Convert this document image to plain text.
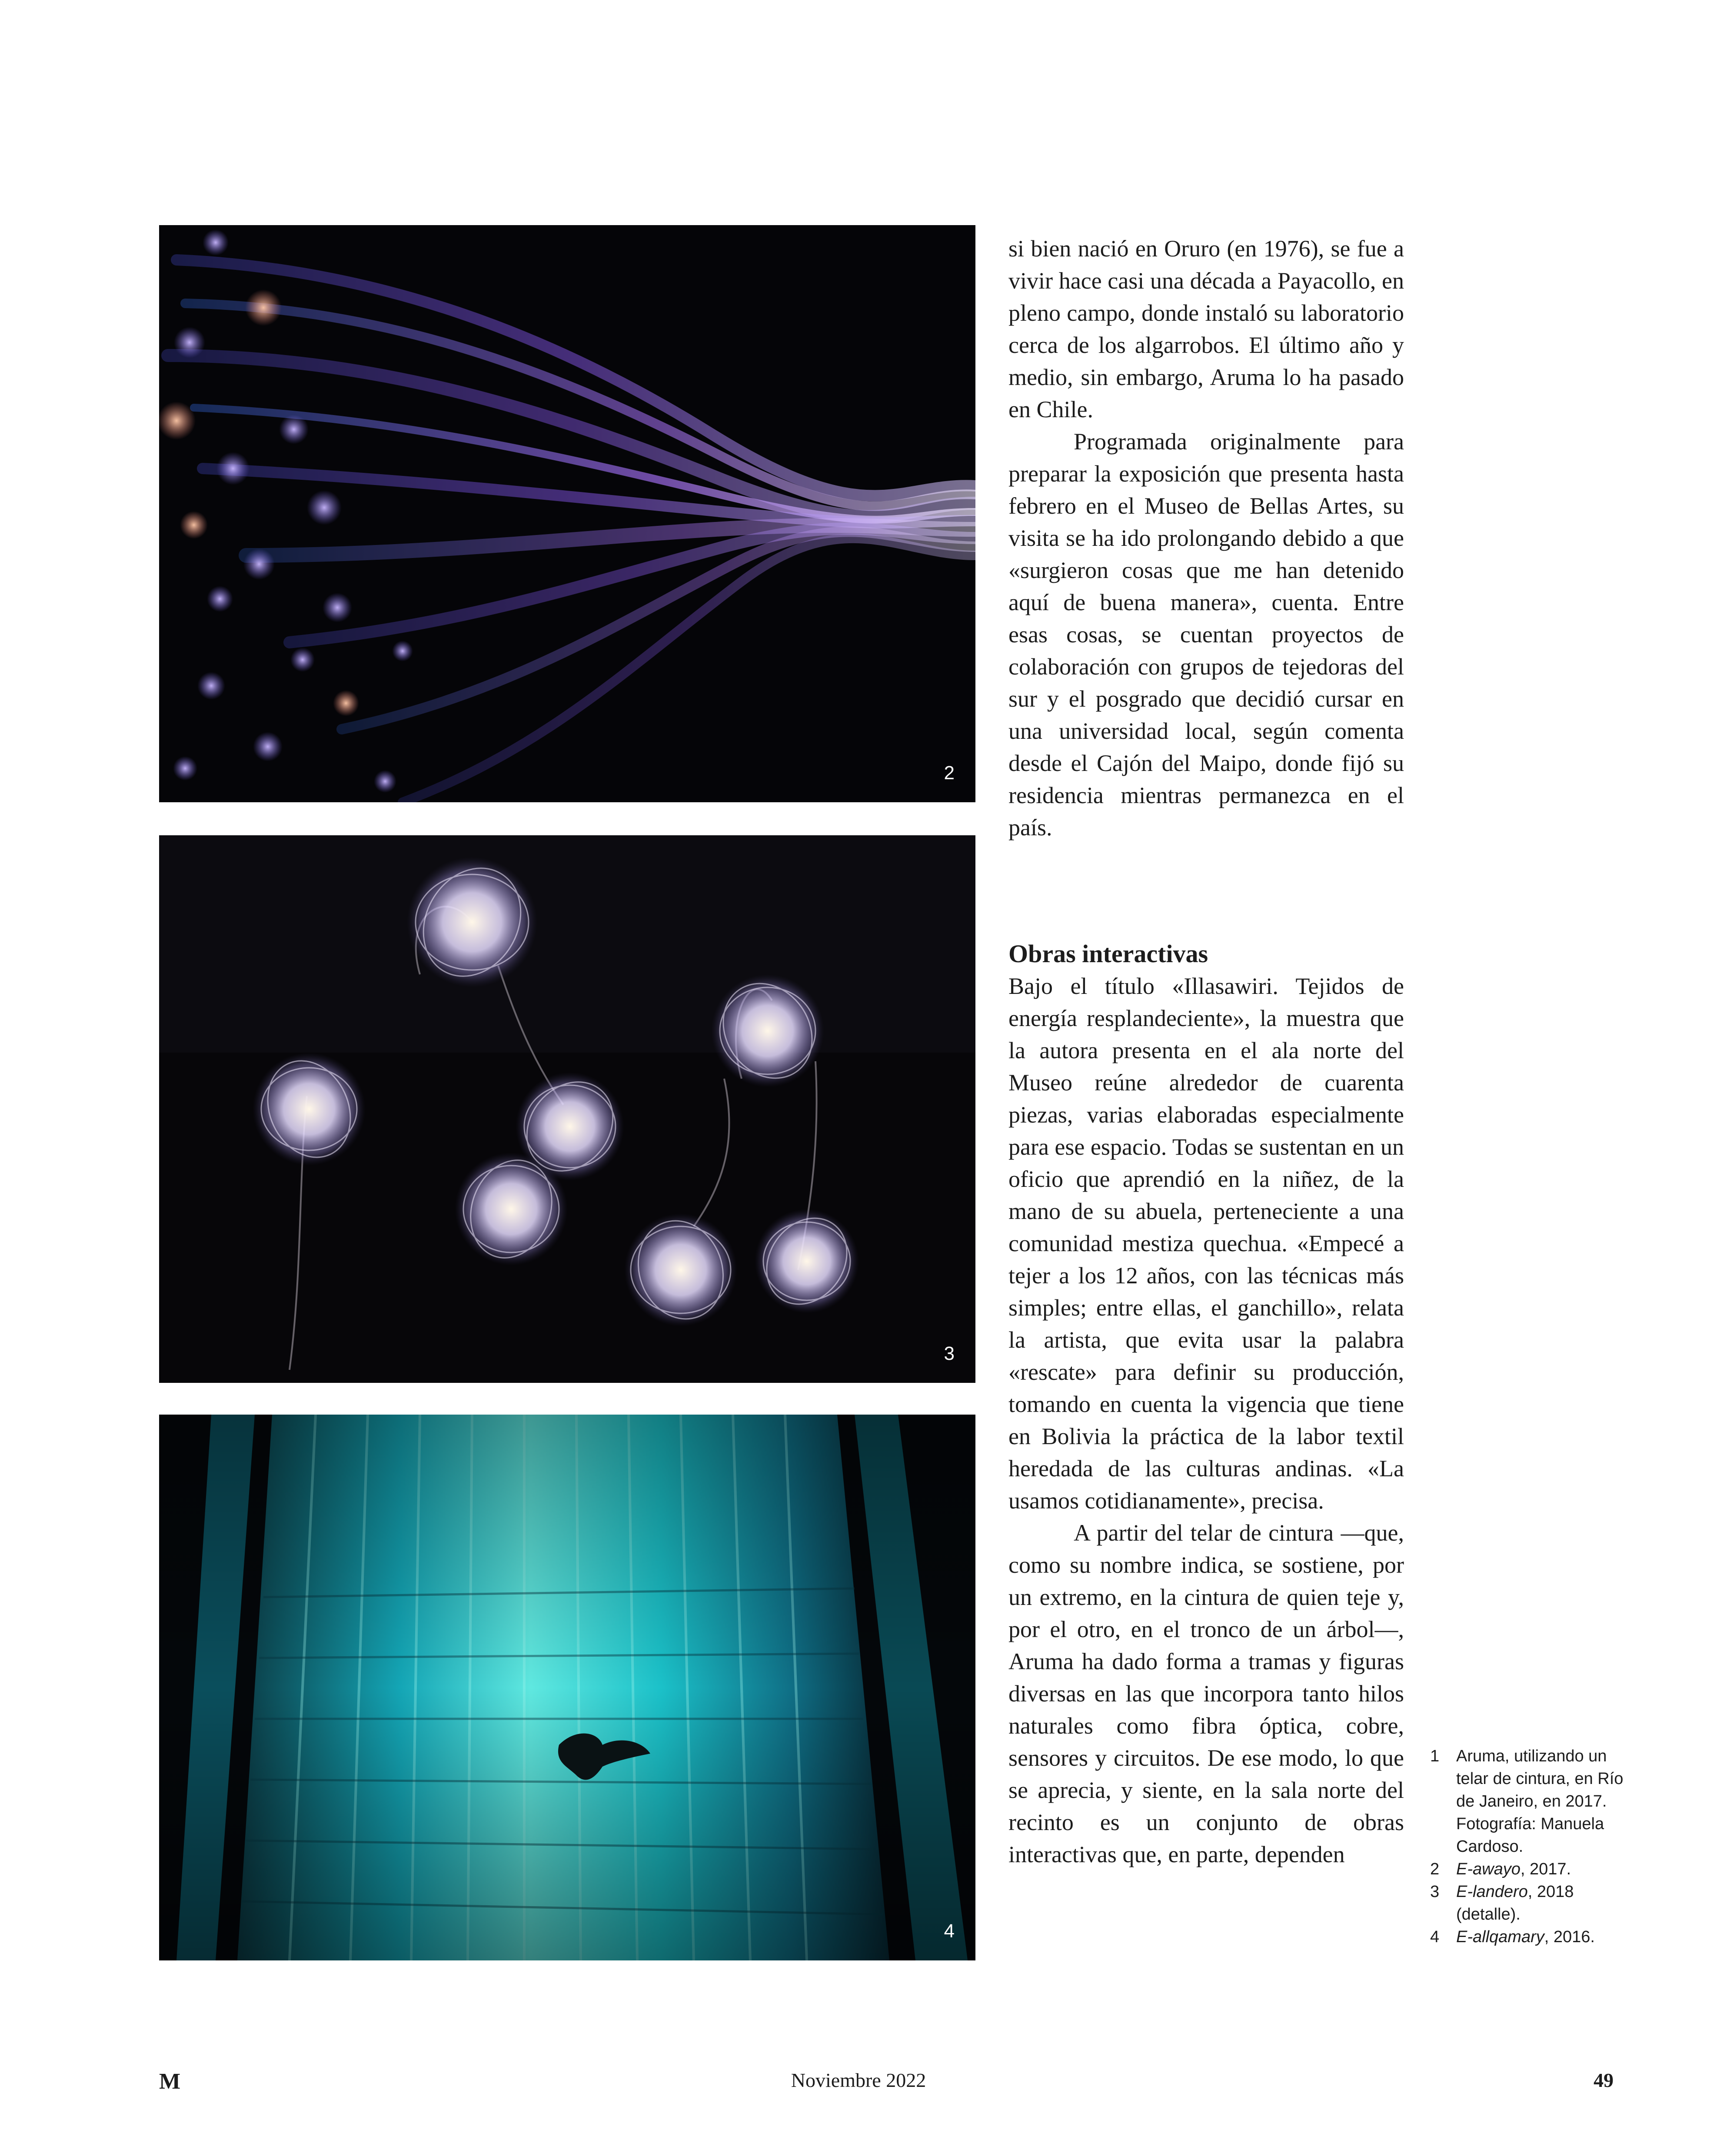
2
3
4

si bien nació en Oruro (en 1976), se fue a vivir hace casi una década a Payacollo, en pleno campo, donde instaló su laboratorio cerca de los algarrobos. El último año y medio, sin embargo, Aruma lo ha pasado en Chile.

Programada originalmente para preparar la exposición que presenta hasta febrero en el Museo de Bellas Artes, su visita se ha ido prolongando debido a que «surgieron cosas que me han detenido aquí de buena manera», cuenta. Entre esas cosas, se cuentan proyectos de colaboración con grupos de tejedoras del sur y el posgrado que decidió cursar en una universidad local, según comenta desde el Cajón del Maipo, donde fijó su residencia mientras permanezca en el país.

Obras interactivas

Bajo el título «Illasawiri. Tejidos de energía resplandeciente», la muestra que la autora presenta en el ala norte del Museo reúne alrededor de cuarenta piezas, varias elaboradas especialmente para ese espacio. Todas se sustentan en un oficio que aprendió en la niñez, de la mano de su abuela, perteneciente a una comunidad mestiza quechua. «Empecé a tejer a los 12 años, con las técnicas más simples; entre ellas, el ganchillo», relata la artista, que evita usar la palabra «rescate» para definir su producción, tomando en cuenta la vigencia que tiene en Bolivia la práctica de la labor textil heredada de las culturas andinas. «La usamos cotidianamente», precisa.

A partir del telar de cintura —que, como su nombre indica, se sostiene, por un extremo, en la cintura de quien teje y, por el otro, en el tronco de un árbol—, Aruma ha dado forma a tramas y figuras diversas en las que incorpora tanto hilos naturales como fibra óptica, cobre, sensores y circuitos. De ese modo, lo que se aprecia, y siente, en la sala norte del recinto es un conjunto de obras interactivas que, en parte, dependen

1 Aruma, utilizando un telar de cintura, en Río de Janeiro, en 2017. Fotografía: Manuela Cardoso.

2 E-awayo, 2017.

3 E-landero, 2018 (detalle).

4 E-allqamary, 2016.

Noviembre 2022
M	49
